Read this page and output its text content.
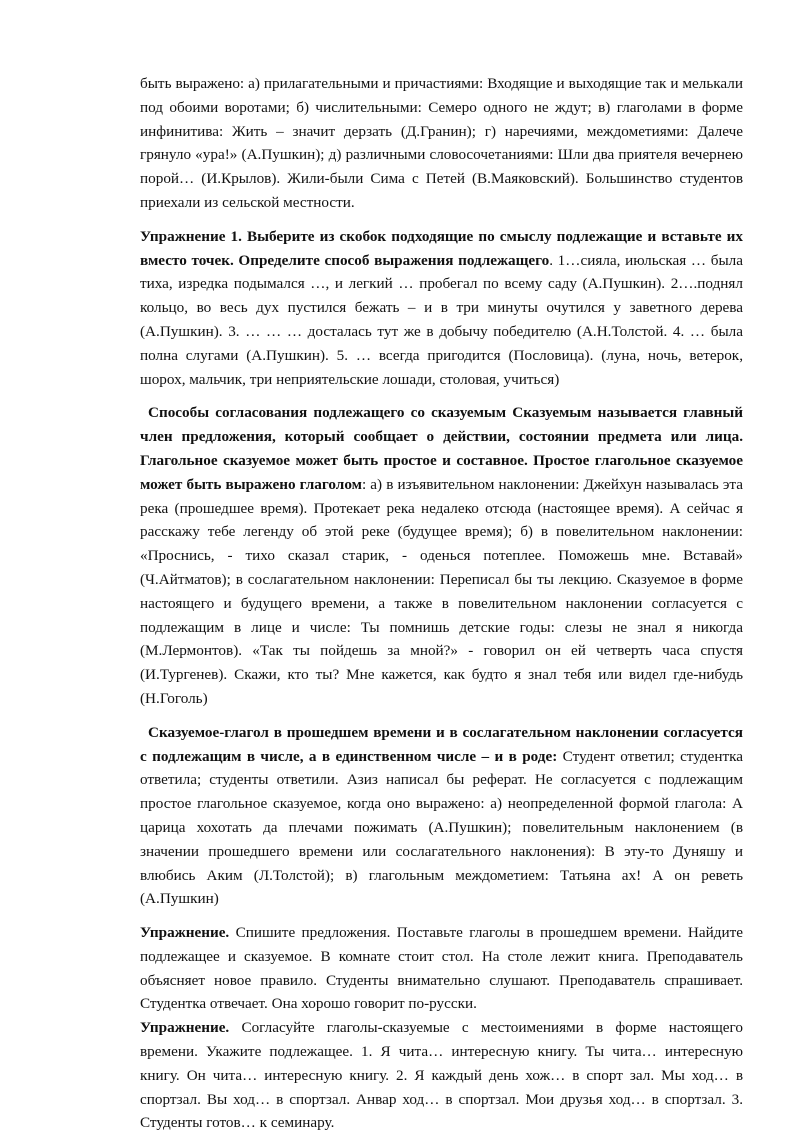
быть выражено: а) прилагательными и причастиями: Входящие и выходящие так и мелькали под обоими воротами; б) числительными: Семеро одного не ждут; в) глаголами в форме инфинитива: Жить – значит дерзать (Д.Гранин); г) наречиями, междометиями: Далече грянуло «ура!» (А.Пушкин); д) различными словосочетаниями: Шли два приятеля вечернею порой… (И.Крылов). Жили-были Сима с Петей (В.Маяковский). Большинство студентов приехали из сельской местности.

Упражнение 1. Выберите из скобок подходящие по смыслу подлежащие и вставьте их вместо точек. Определите способ выражения подлежащего. 1…сияла, июльская … была тиха, изредка подымался …, и легкий … пробегал по всему саду (А.Пушкин). 2….поднял кольцо, во весь дух пустился бежать – и в три минуты очутился у заветного дерева (А.Пушкин). 3. … … … досталась тут же в добычу победителю (А.Н.Толстой. 4. … была полна слугами (А.Пушкин). 5. … всегда пригодится (Пословица). (луна, ночь, ветерок, шорох, мальчик, три неприятельские лошади, столовая, учиться)

Способы согласования подлежащего со сказуемым Сказуемым называется главный член предложения, который сообщает о действии, состоянии предмета или лица. Глагольное сказуемое может быть простое и составное. Простое глагольное сказуемое может быть выражено глаголом: а) в изъявительном наклонении: Джейхун называлась эта река (прошедшее время). Протекает река недалеко отсюда (настоящее время). А сейчас я расскажу тебе легенду об этой реке (будущее время); б) в повелительном наклонении: «Проснись, - тихо сказал старик, - оденься потеплее. Поможешь мне. Вставай» (Ч.Айтматов); в сослагательном наклонении: Переписал бы ты лекцию. Сказуемое в форме настоящего и будущего времени, а также в повелительном наклонении согласуется с подлежащим в лице и числе: Ты помнишь детские годы: слезы не знал я никогда (М.Лермонтов). «Так ты пойдешь за мной?» - говорил он ей четверть часа спустя (И.Тургенев). Скажи, кто ты? Мне кажется, как будто я знал тебя или видел где-нибудь (Н.Гоголь)

Сказуемое-глагол в прошедшем времени и в сослагательном наклонении согласуется с подлежащим в числе, а в единственном числе – и в роде: Студент ответил; студентка ответила; студенты ответили. Азиз написал бы реферат. Не согласуется с подлежащим простое глагольное сказуемое, когда оно выражено: а) неопределенной формой глагола: А царица хохотать да плечами пожимать (А.Пушкин); повелительным наклонением (в значении прошедшего времени или сослагательного наклонения): В эту-то Дуняшу и влюбись Аким (Л.Толстой); в) глагольным междометием: Татьяна ах! А он реветь (А.Пушкин)

Упражнение. Спишите предложения. Поставьте глаголы в прошедшем времени. Найдите подлежащее и сказуемое. В комнате стоит стол. На столе лежит книга. Преподаватель объясняет новое правило. Студенты внимательно слушают. Преподаватель спрашивает. Студентка отвечает. Она хорошо говорит по-русски.

Упражнение. Согласуйте глаголы-сказуемые с местоимениями в форме настоящего времени. Укажите подлежащее. 1. Я чита… интересную книгу. Ты чита… интересную книгу. Он чита… интересную книгу. 2. Я каждый день хож… в спорт зал. Мы ход… в спортзал. Вы ход… в спортзал. Анвар ход… в спортзал. Мои друзья ход… в спортзал. 3. Студенты готов… к семинару.
